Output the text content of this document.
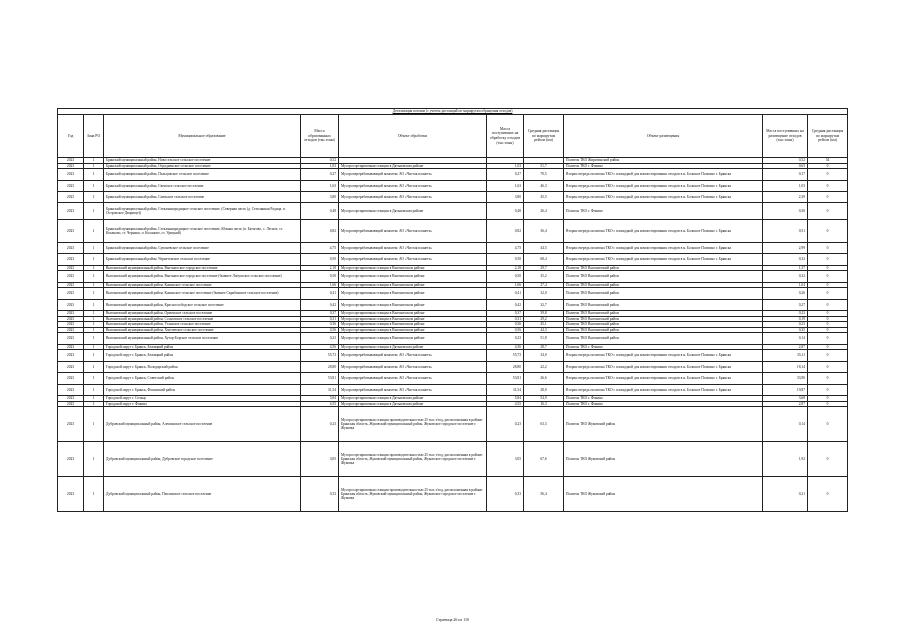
Детализация потоков (с учетом дистанций по маршрутам обращения отходов)									
Год	Зона РО	Муниципальное образование	Масса образованных отходов (тыс.тонн)	Объект обработки	Масса поступивших на обработку отходов (тыс.тонн)	Средняя дистанция по маршрутам рейсов (км)	Объект размещения	Масса поступивших на размещение отходов (тыс.тонн)	Средняя дистанция по маршрутам рейсов (км)
2023	1	Брянский муниципальный район, Новосельское сельское поселение	0,52				Полигон ТКО Жирятинский район	0,52	54
2023	1	Брянский муниципальный район, Отрадненское сельское поселение	1,03	Мусоросортировочная станция в Дятьковском районе	1,03	51,7	Полигон ТКО г. Фокино	0,63	0
2023	1	Брянский муниципальный район, Пальцовское сельское поселение	0,27	Мусороперерабатывающий комплекс АО «Чистая планета»	0,27	70,5	Вторая очередь полигона ТКО с площадкой для компостирования отходов в н. Большое Полпино г. Брянска	0,17	0
2023	1	Брянский муниципальный район, Свенское сельское поселение	1,63	Мусороперерабатывающий комплекс АО «Чистая планета»	1,63	46,3	Вторая очередь полигона ТКО с площадкой для компостирования отходов в н. Большое Полпино г. Брянска	1,03	0
2023	1	Брянский муниципальный район, Снежское сельское поселение	3,80	Мусороперерабатывающий комплекс АО «Чистая планета»	3,80	45,5	Вторая очередь полигона ТКО с площадкой для компостирования отходов в н. Большое Полпино г. Брянска	2,39	0
2023	1	Брянский муниципальный район, Стекляннорадицкое сельское поселение, (Северная часть (д. Стеклянная Радица, п. Островское Дворище))	0,48	Мусоросортировочная станция в Дятьковском районе	0,48	26,4	Полигон ТКО г. Фокино	0,30	0
2023	1	Брянский муниципальный район, Стекляннорадицкое сельское поселение, Южная часть (п. Батагово, с. Лесное, ст. Коханово, ст. Черныш, п. Коханово, ст. Урицкий)	0,82	Мусороперерабатывающий комплекс АО «Чистая планета»	0,82	36,4	Вторая очередь полигона ТКО с площадкой для компостирования отходов в н. Большое Полпино г. Брянска	0,51	0
2023	1	Брянский муниципальный район, Супоневское сельское поселение	4,75	Мусороперерабатывающий комплекс АО «Чистая планета»	4,75	44,5	Вторая очередь полигона ТКО с площадкой для компостирования отходов в н. Большое Полпино г. Брянска	2,99	0
2023	1	Брянский муниципальный район, Чернетовское сельское поселение	0,50	Мусороперерабатывающий комплекс АО «Чистая планета»	0,50	68,4	Вторая очередь полигона ТКО с площадкой для компостирования отходов в н. Большое Полпино г. Брянска	0,32	0
2023	1	Выгоничский муниципальный район, Выгоничское городское поселение	2,18	Мусоросортировочная станция в Выгоничском районе	2,18	29,7	Полигон ТКО Выгоничский район	1,37	0
2023	1	Выгоничский муниципальный район, Выгоничское городское поселение (бывшее Лопушское сельское поселение)	0,50	Мусоросортировочная станция в Выгоничском районе	0,50	35,2	Полигон ТКО Выгоничский район	0,32	0
2023	1	Выгоничский муниципальный район, Кокинское сельское поселение	1,66	Мусоросортировочная станция в Выгоничском районе	1,66	27,4	Полигон ТКО Выгоничский район	1,04	0
2023	1	Выгоничский муниципальный район, Кокинское сельское поселение (бывшее Скрябинское сельское поселение)	0,41	Мусоросортировочная станция в Выгоничском районе	0,41	32,0	Полигон ТКО Выгоничский район	0,26	0
2023	1	Выгоничский муниципальный район, Краснослободское сельское поселение	0,42	Мусоросортировочная станция в Выгоничском районе	0,42	32,7	Полигон ТКО Выгоничский район	0,27	0
2023	1	Выгоничский муниципальный район, Орменское сельское поселение	0,37	Мусоросортировочная станция в Выгоничском районе	0,37	39,8	Полигон ТКО Выгоничский район	0,23	0
2023	1	Выгоничский муниципальный район, Сосновское сельское поселение	0,31	Мусоросортировочная станция в Выгоничском районе	0,31	29,2	Полигон ТКО Выгоничский район	0,19	0
2023	1	Выгоничский муниципальный район, Утынское сельское поселение	0,36	Мусоросортировочная станция в Выгоничском районе	0,36	45,1	Полигон ТКО Выгоничский район	0,23	0
2023	1	Выгоничский муниципальный район, Хмелевское сельское поселение	0,56	Мусоросортировочная станция в Выгоничском районе	0,56	44,3	Полигон ТКО Выгоничский район	0,35	0
2023	1	Выгоничский муниципальный район, Хутор-Борское сельское поселение	0,23	Мусоросортировочная станция в Выгоничском районе	0,23	51,8	Полигон ТКО Выгоничский район	0,14	0
2023	1	Городской округ г. Брянск, Бежицкий район	4,56	Мусоросортировочная станция в Дятьковском районе	4,56	28,7	Полигон ТКО г. Фокино	2,87	0
2023	1	Городской округ г. Брянск, Бежицкий район	55,73	Мусороперерабатывающий комплекс АО «Чистая планета»	55,73	34,0	Вторая очередь полигона ТКО с площадкой для компостирования отходов в н. Большое Полпино г. Брянска	35,11	0
2023	1	Городской округ г. Брянск, Володарский район	28,80	Мусороперерабатывающий комплекс АО «Чистая планета»	28,80	22,2	Вторая очередь полигона ТКО с площадкой для компостирования отходов в н. Большое Полпино г. Брянска	18,14	0
2023	1	Городской округ г. Брянск, Советский район	53,81	Мусороперерабатывающий комплекс АО «Чистая планета»	53,81	26,6	Вторая очередь полигона ТКО с площадкой для компостирования отходов в н. Большое Полпино г. Брянска	33,90	0
2023	1	Городской округ г. Брянск, Фокинский район	31,54	Мусороперерабатывающий комплекс АО «Чистая планета»	31,54	28,0	Вторая очередь полигона ТКО с площадкой для компостирования отходов в н. Большое Полпино г. Брянска	19,87	0
2023	1	Городской округ г. Сельцо	5,84	Мусоросортировочная станция в Дятьковском районе	5,84	54,9	Полигон ТКО г. Фокино	3,68	0
2023	1	Городской округ г. Фокино	4,55	Мусоросортировочная станция в Дятьковском районе	4,55	16,3	Полигон ТКО г. Фокино	2,87	0
2023	1	Дубровский муниципальный район, Алешинское сельское поселение	0,23	Мусоросортировочная станция производительностью 25 тыс.т/год, расположенная в районе: Брянская область, Жуковский муниципальный район, Жуковское городское поселение г. Жуковка	0,23	63,3	Полигон ТКО Жуковский район	0,14	0
2023	1	Дубровский муниципальный район, Дубровское городское поселение	3,05	Мусоросортировочная станция производительностью 25 тыс.т/год, расположенная в районе: Брянская область, Жуковский муниципальный район, Жуковское городское поселение г. Жуковка	3,05	67,6	Полигон ТКО Жуковский район	1,92	0
2023	1	Дубровский муниципальный район, Пеклинское сельское поселение	0,33	Мусоросортировочная станция производительностью 25 тыс.т/год, расположенная в районе: Брянская область, Жуковский муниципальный район, Жуковское городское поселение г. Жуковка	0,33	56,4	Полигон ТКО Жуковский район	0,21	0
Страница 26 из 110
